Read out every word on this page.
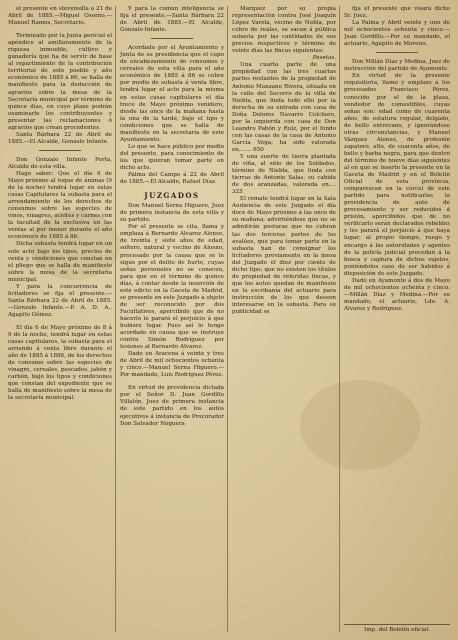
el presente en stevensilla á 21 de Abril de 1885.—Miguel Osorno.—Manuel Ramos, Secretario.

Terminado por la Junta pericial el apéndice al amillaramiento de la riqueza inmueble, cultivo y ganadería que ha de servir de base al repartimiento de la contribución territorial de este pueblo y año económico de 1885 á 86, se halla de manifiesto para la deducción de agravios sobre la mesa de la Secretaría municipal por término de quince días, en cuyo plazo podrán examinarle los contribuyentes y presentar las reclamaciones ó agravios que crean procedentes.

Santa Bárbara 22 de Abril de 1885.—El Alcalde, Gonzalo Infante.

Don Gonzalo Infante Porta, Alcalde de esta villa.

Hago saber: Que el día 6 de Mayo próximo al toque de ánimas (9 de la noche) tendrá lugar en estas casas Capitulares la subasta para el arrendamiento de los derechos de consumos sobre las especies de vinos, vinagres, aceites y carnes con la facultad de la exclusiva en las ventas al por menor durante el año económico de 1885 á 86.

Dicha subasta tendrá lugar en un solo acto bajo los tipos, precios de venta y condiciones que constan en el pliego que se halla de manifiesto sobre la mesa de la secretaría municipal.

Y para la concurrencia de licitadores se fija el presente.—Santa Bárbara 22 de Abril de 1885.—Gonzalo Infante.—P. A. D. A., Agapito Gómez.

El día 6 de Mayo próximo de 8 á 9 de la noche, tendrá lugar en estas casas capitulares, la subasta para el arriendo á venta libre durante el año de 1885 á 1886, de los derechos de consumo sobre las especies de vinagre, cereales, pescados, jabón y carbón, bajo los tipos y condiciones que constan del expediente que se halla de manifiesto sobre la mesa de la secretaría municipal.

Y para la común inteligencia se fija el presente.—Santa Bárbara 22 de Abril de 1885.—El Alcalde, Gonzalo Infante.

Acordado por el Ayuntamiento y Junta de su presidencia que el cupo de encabezamiento de consumos y cereales de esta villa para el año económico de 1885 á 86 se cobre por medio de subasta á venta libre, tendrá lugar el acto para la misma en estas casas capitulares el día trece de Mayo próximo venidero, desde las once de la mañana hasta la una de la tarde, bajo el tipo y condiciones que se halla de manifiesto en la secretaría de este Ayuntamiento.

Lo que se hace público por medio del presente, para conocimiento de los que quieran tomar parte en dicho acto.

Palma del Campo á 22 de Abril de 1885.—El Alcalde, Rafael Díaz.

JUZGADOS

Don Manuel Serna Higuero, Juez de primera instancia de esta villa y su partido.

Por el presente se cita, llama y emplaza á Bernardo Alvarez Alonso, de treinta y siete años de edad, soltero, natural y vecino de Alosno, procesado por la causa que se le sigue por el delito de hurto, cuyas señas personales no se conocen, para que en el término de quince días, á contar desde la inserción de este edicto en la Gaceta de Madrid, se presente en este Juzgado á objeto de ser reconocido por dos Facultativos, apercibido que de no hacerlo le parará el perjuicio á que hubiere lugar. Pues así lo tengo acordado en causa que se instruye contra Simón Rodríguez por lesiones al Bernardo Alvarez.

Dado en Aracena á veinte y tres de Abril de mil ochocientos ochenta y cinco.—Manuel Serna Higuero.—Por mandado, Luis Rodríguez Pérez.

En virtud de providencia dictada por el Señor D. Juan Gordillo Villalón, Juez de primera instancia de este partido en los autos ejecutivos á instancia de Procurador Don Salvador Noguera

Marquez por su propia representación contra José Joaquín López Varela, vecino de Nebla, por cobro de reales, se sacan á pública subasta por las cantidades de sus precios respectivos y término de veinte días las fincas siguientes:

Pesetas.

Una cuarta parte de una propiedad con las tres cuartas partes restantes de la propiedad de Antonio Manzano Rivera, situada en la calle del Socorro de la villa de Niebla, que linda todo ello por la derecha de su entrada con casa de Doña Dolores Navarro Colchero, por la izquierda con casa de Don Leandro Pabón y Ruiz, por el fondo con las casas de la casa de Antonio García Vega; ha sido valorada en....... 650

Y una suerte de tierra plantada de viña, al sitio de los Soldados, término de Niebla, que linda con tierras de Antonio Salas, su cabida de dos aranzadas, valorada en.... 325

El remate tendrá lugar en la Sala Audiencia de este Juzgado el día doce de Mayo próximo á las once de su mañana; advirtiéndose que no se admitirán posturas que no cubran las dos terceras partes de los avalúos, que para tomar parte en la subasta han de consignar los licitadores previamente en la mesa del Juzgado el diez por ciento de dicho tipo; que no existen los títulos de propiedad de referidas fincas, y que los autos quedan de manifiesto en la escribanía del actuario para instrucción de los que deseen interesarse en la subasta. Para su publicidad se

fija el presente que visará dicho Sr. Juez.

La Palma y Abril veinte y uno de mil ochocientos ochenta y cinco.—Juan Gordillo.—Por su mandado, el actuario, Agapito de Moreno.

Don Millán Díaz y Medina, Juez de instrucción del partido de Ayamonte.

En virtud de la presente requisitoria, llamo y emplazo á los procesados Francisco Pérez, conocido por el de la plaza, vendedor de comestibles, cuyas señas son: edad como de cuarenta años, de estatura regular, delgado, de bello entrecano, y ignorándose otras circunstancias, y Manuel Vázquez Alonso, de profesión zapatero, alto, de cuarenta años, de bello y barba negra, para que dentro del término de nueve días siguientes al en que se inserte la presente en la Gaceta de Madrid y en el Boletín Oficial de esta provincia, comparezcan en la cárcel de este partido para notificarles la providencia de auto de procesamiento y ser reducidos á prisión, apercibidos que de no verificarlo serán declarados rebeldes y les parará el perjuicio á que haya lugar; al propio tiempo, ruego y encargo á las autoridades y agentes de la policía judicial procedan á la busca y captura de dichos sujetos, poniéndolos caso de ser habidos á disposición de este Juzgado.

Dado en Ayamonte á dos de Mayo de mil ochocientos ochenta y cinco.—Millán Díaz y Medina.—Por su mandado, el actuario, Ldo. A. Alvarez y Rodríguez.

Imp. del Boletín oficial.
